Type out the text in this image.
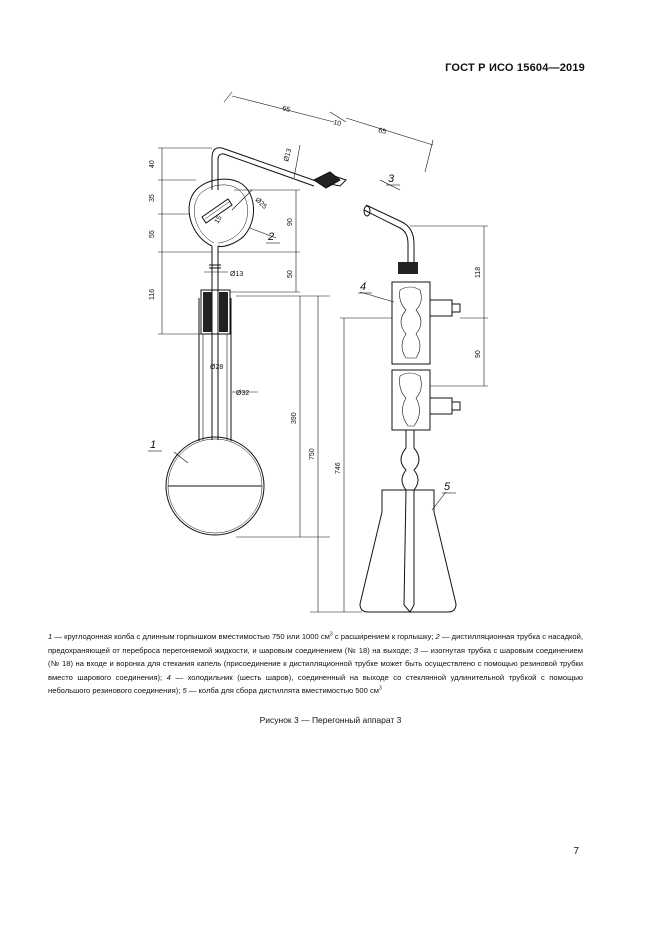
ГОСТ Р ИСО 15604—2019
40
35
55
116
90
50
390
750
65
10
65
118
90
746
Ø13
Ø25
15
Ø13
Ø28
Ø32
1
2
3
4
5

1 — круглодонная колба с длинным горлышком вместимостью 750 или 1000 $см^3$ с расширением к горлышку; 2 — дистилляционная трубка с насадкой, предохраняющей от переброса перегоняемой жидкости, и шаровым соединением (№ 18) на выходе; 3 — изогнутая трубка с шаровым соединением (№ 18) на входе и воронка для стекания капель (присоединение к дистилляционной трубке может быть осуществлено с помощью резиновой трубки вместо шарового соединения); 4 — холодильник (шесть шаров), соединенный на выходе со стеклянной удлинительной трубкой с помощью небольшого резинового соединения); 5 — колба для сбора дистиллята вместимостью 500 $см^3$

Рисунок 3 — Перегонный аппарат 3
7
